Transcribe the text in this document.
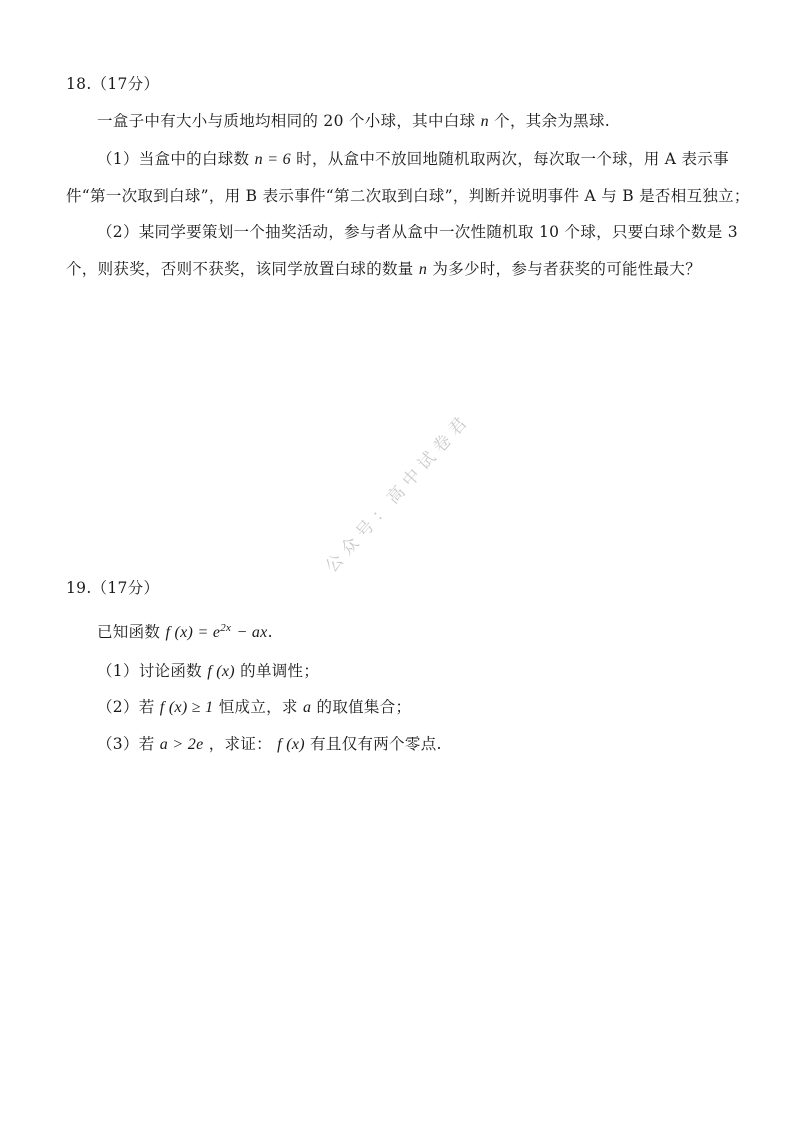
18.（17分）
一盒子中有大小与质地均相同的 20 个小球，其中白球 n 个，其余为黑球.
（1）当盒中的白球数 n = 6 时，从盒中不放回地随机取两次，每次取一个球，用 A 表示事
件“第一次取到白球”，用 B 表示事件“第二次取到白球”，判断并说明事件 A 与 B 是否相互独立；
（2）某同学要策划一个抽奖活动，参与者从盒中一次性随机取 10 个球，只要白球个数是 3
个，则获奖，否则不获奖，该同学放置白球的数量 n 为多少时，参与者获奖的可能性最大？
公众号：高中试卷君
19.（17分）
已知函数 f $(x) = e^{2x}$ − ax.
（1）讨论函数 f (x) 的单调性；
（2）若 f (x) ≥ 1 恒成立，求 a 的取值集合；
（3）若 a > 2e ，求证： f (x) 有且仅有两个零点.
